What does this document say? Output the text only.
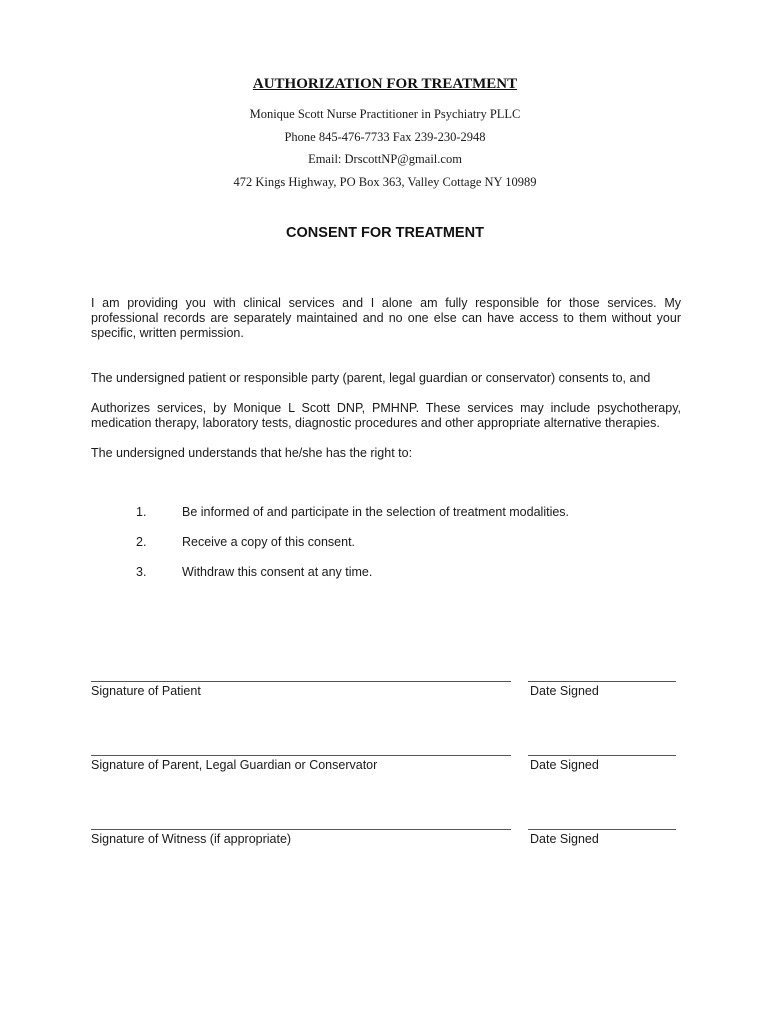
AUTHORIZATION FOR TREATMENT

Monique Scott Nurse Practitioner in Psychiatry PLLC

Phone 845-476-7733 Fax 239-230-2948

Email: DrscottNP@gmail.com

472 Kings Highway, PO Box 363, Valley Cottage NY 10989

CONSENT FOR TREATMENT

I am providing you with clinical services and I alone am fully responsible for those services. My professional records are separately maintained and no one else can have access to them without your specific, written permission.

The undersigned patient or responsible party (parent, legal guardian or conservator) consents to, and

Authorizes services, by Monique L Scott DNP, PMHNP. These services may include psychotherapy, medication therapy, laboratory tests, diagnostic procedures and other appropriate alternative therapies.

The undersigned understands that he/she has the right to:

1.	Be informed of and participate in the selection of treatment modalities.
2.	Receive a copy of this consent.
3.	Withdraw this consent at any time.
Signature of Patient	Date Signed
Signature of Parent, Legal Guardian or Conservator	Date Signed
Signature of Witness (if appropriate)	Date Signed
